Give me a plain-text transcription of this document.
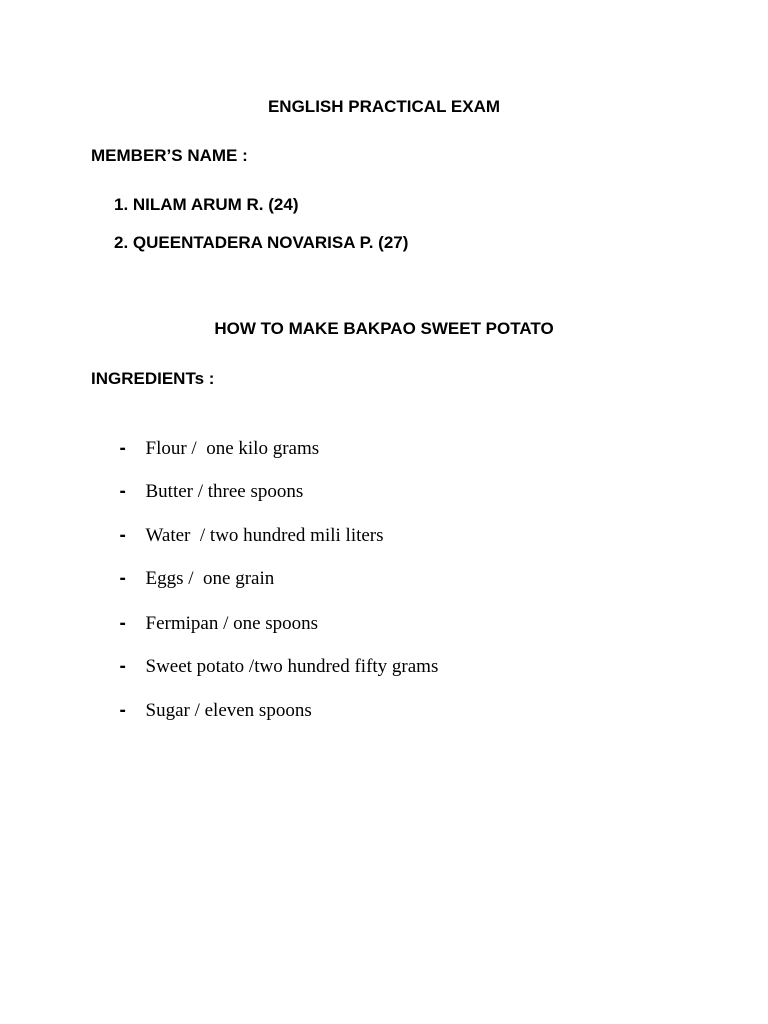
ENGLISH PRACTICAL EXAM
MEMBER’S NAME :
1. NILAM ARUM R. (24)
2. QUEENTADERA NOVARISA P. (27)
HOW TO MAKE BAKPAO SWEET POTATO
INGREDIENTs :

- Flour /  one kilo grams

- Butter / three spoons

- Water  / two hundred mili liters

- Eggs /  one grain

- Fermipan / one spoons

- Sweet potato /two hundred fifty grams

- Sugar / eleven spoons
